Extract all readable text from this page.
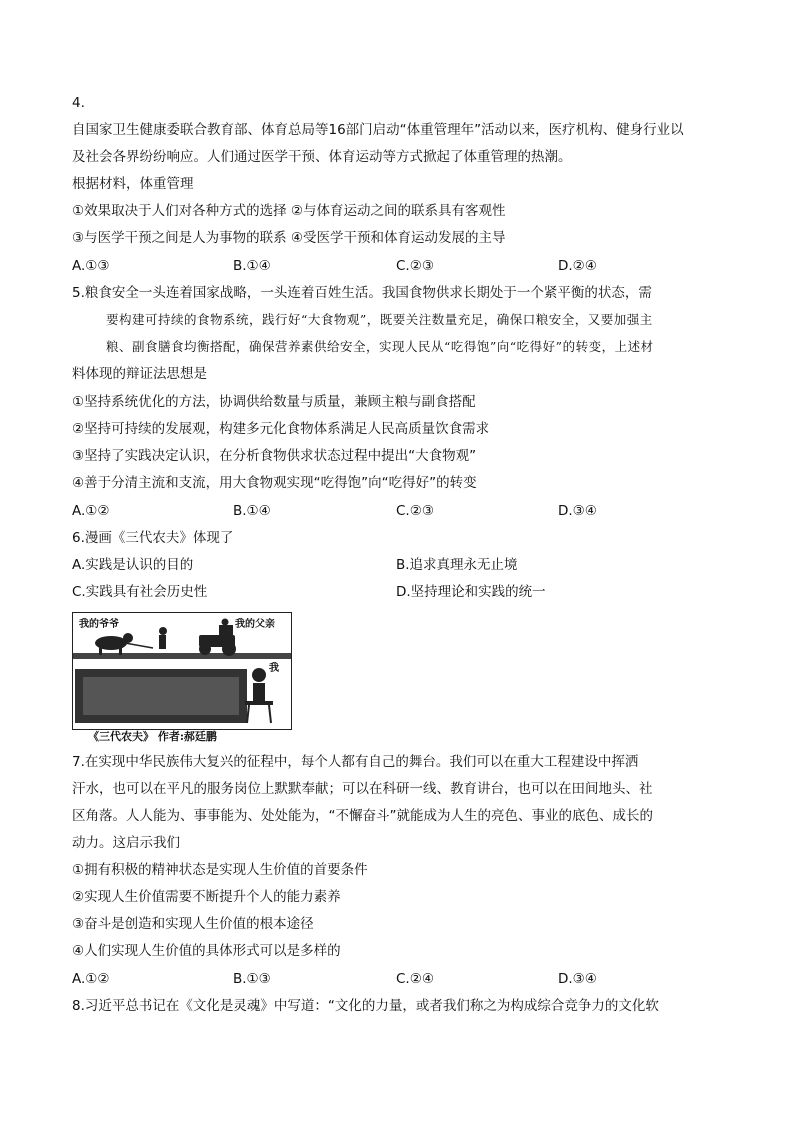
4.
自国家卫生健康委联合教育部、体育总局等16部门启动“体重管理年”活动以来，医疗机构、健身行业以
及社会各界纷纷响应。人们通过医学干预、体育运动等方式掀起了体重管理的热潮。
根据材料，体重管理
①效果取决于人们对各种方式的选择 ②与体育运动之间的联系具有客观性
③与医学干预之间是人为事物的联系 ④受医学干预和体育运动发展的主导
A.①③	B.①④	C.②③	D.②④
5.粮食安全一头连着国家战略，一头连着百姓生活。我国食物供求长期处于一个紧平衡的状态，需
要构建可持续的食物系统，践行好“大食物观”，既要关注数量充足，确保口粮安全，又要加强主
粮、副食膳食均衡搭配，确保营养素供给安全，实现人民从“吃得饱”向“吃得好”的转变，上述材
料体现的辩证法思想是
①坚持系统优化的方法，协调供给数量与质量，兼顾主粮与副食搭配
②坚持可持续的发展观，构建多元化食物体系满足人民高质量饮食需求
③坚持了实践决定认识，在分析食物供求状态过程中提出“大食物观”
④善于分清主流和支流，用大食物观实现“吃得饱”向“吃得好”的转变
A.①②	B.①④	C.②③	D.③④
6.漫画《三代农夫》体现了
A.实践是认识的目的	B.追求真理永无止境
C.实践具有社会历史性	D.坚持理论和实践的统一
我的爷爷	我的父亲
我
《三代农夫》 作者:郝廷鹏
7.在实现中华民族伟大复兴的征程中，每个人都有自己的舞台。我们可以在重大工程建设中挥洒
汗水，也可以在平凡的服务岗位上默默奉献；可以在科研一线、教育讲台，也可以在田间地头、社
区角落。人人能为、事事能为、处处能为，“不懈奋斗”就能成为人生的亮色、事业的底色、成长的
动力。这启示我们
①拥有积极的精神状态是实现人生价值的首要条件
②实现人生价值需要不断提升个人的能力素养
③奋斗是创造和实现人生价值的根本途径
④人们实现人生价值的具体形式可以是多样的
A.①②	B.①③	C.②④	D.③④
8.习近平总书记在《文化是灵魂》中写道：“文化的力量，或者我们称之为构成综合竞争力的文化软
